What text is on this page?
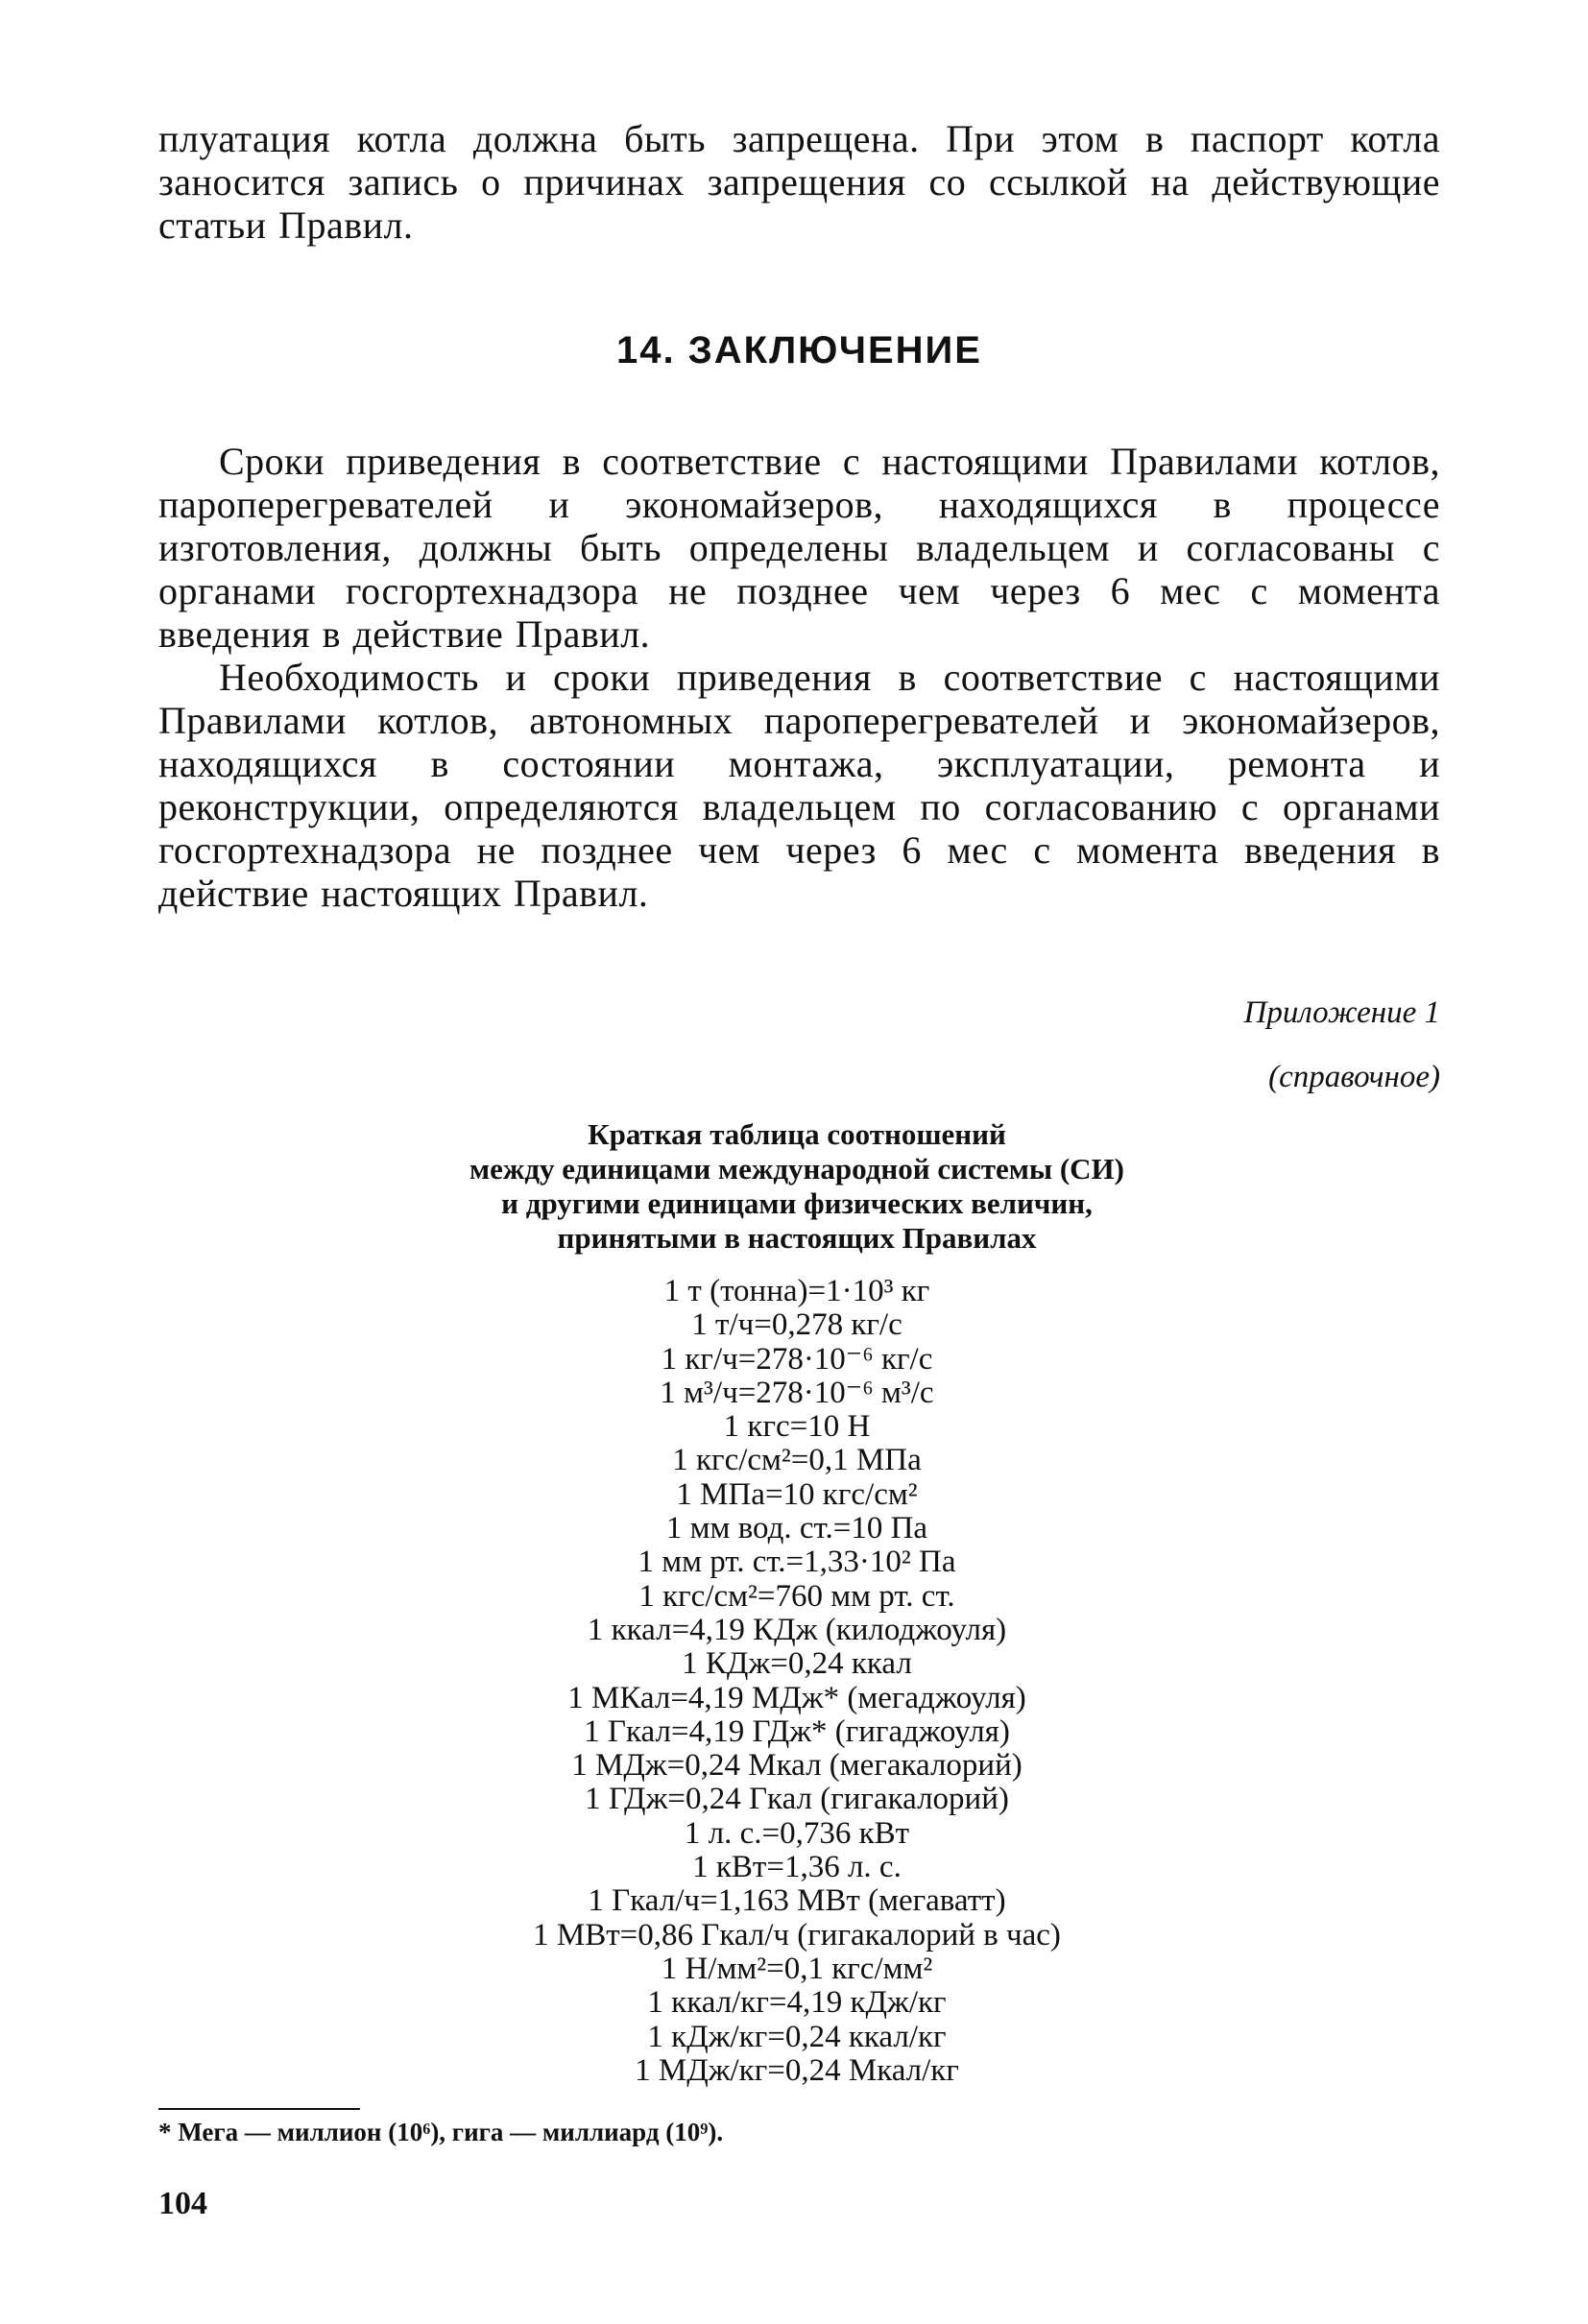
плуатация котла должна быть запрещена. При этом в паспорт котла заносится запись о причинах запрещения со ссылкой на действующие статьи Правил.

14. ЗАКЛЮЧЕНИЕ

Сроки приведения в соответствие с настоящими Правилами котлов, пароперегревателей и экономайзеров, находящихся в процессе изготовления, должны быть определены владельцем и согласованы с органами госгортехнадзора не позднее чем через 6 мес с момента введения в действие Правил.

Необходимость и сроки приведения в соответствие с настоящими Правилами котлов, автономных пароперегревателей и экономайзеров, находящихся в состоянии монтажа, эксплуатации, ремонта и реконструкции, определяются владельцем по согласованию с органами госгортехнадзора не позднее чем через 6 мес с момента введения в действие настоящих Правил.

Приложение 1
(справочное)
Краткая таблица соотношений
между единицами международной системы (СИ)
и другими единицами физических величин,
принятыми в настоящих Правилах
1 т (тонна)=1·10³ кг
1 т/ч=0,278 кг/с
1 кг/ч=278·10⁻⁶ кг/с
1 м³/ч=278·10⁻⁶ м³/с
1 кгс=10 Н
1 кгс/см²=0,1 МПа
1 МПа=10 кгс/см²
1 мм вод. ст.=10 Па
1 мм рт. ст.=1,33·10² Па
1 кгс/см²=760 мм рт. ст.
1 ккал=4,19 КДж (килоджоуля)
1 КДж=0,24 ккал
1 МКал=4,19 МДж* (мегаджоуля)
1 Гкал=4,19 ГДж* (гигаджоуля)
1 МДж=0,24 Мкал (мегакалорий)
1 ГДж=0,24 Гкал (гигакалорий)
1 л. с.=0,736 кВт
1 кВт=1,36 л. с.
1 Гкал/ч=1,163 МВт (мегаватт)
1 МВт=0,86 Гкал/ч (гигакалорий в час)
1 Н/мм²=0,1 кгс/мм²
1 ккал/кг=4,19 кДж/кг
1 кДж/кг=0,24 ккал/кг
1 МДж/кг=0,24 Мкал/кг
* Мега — миллион (10⁶), гига — миллиард (10⁹).
104
